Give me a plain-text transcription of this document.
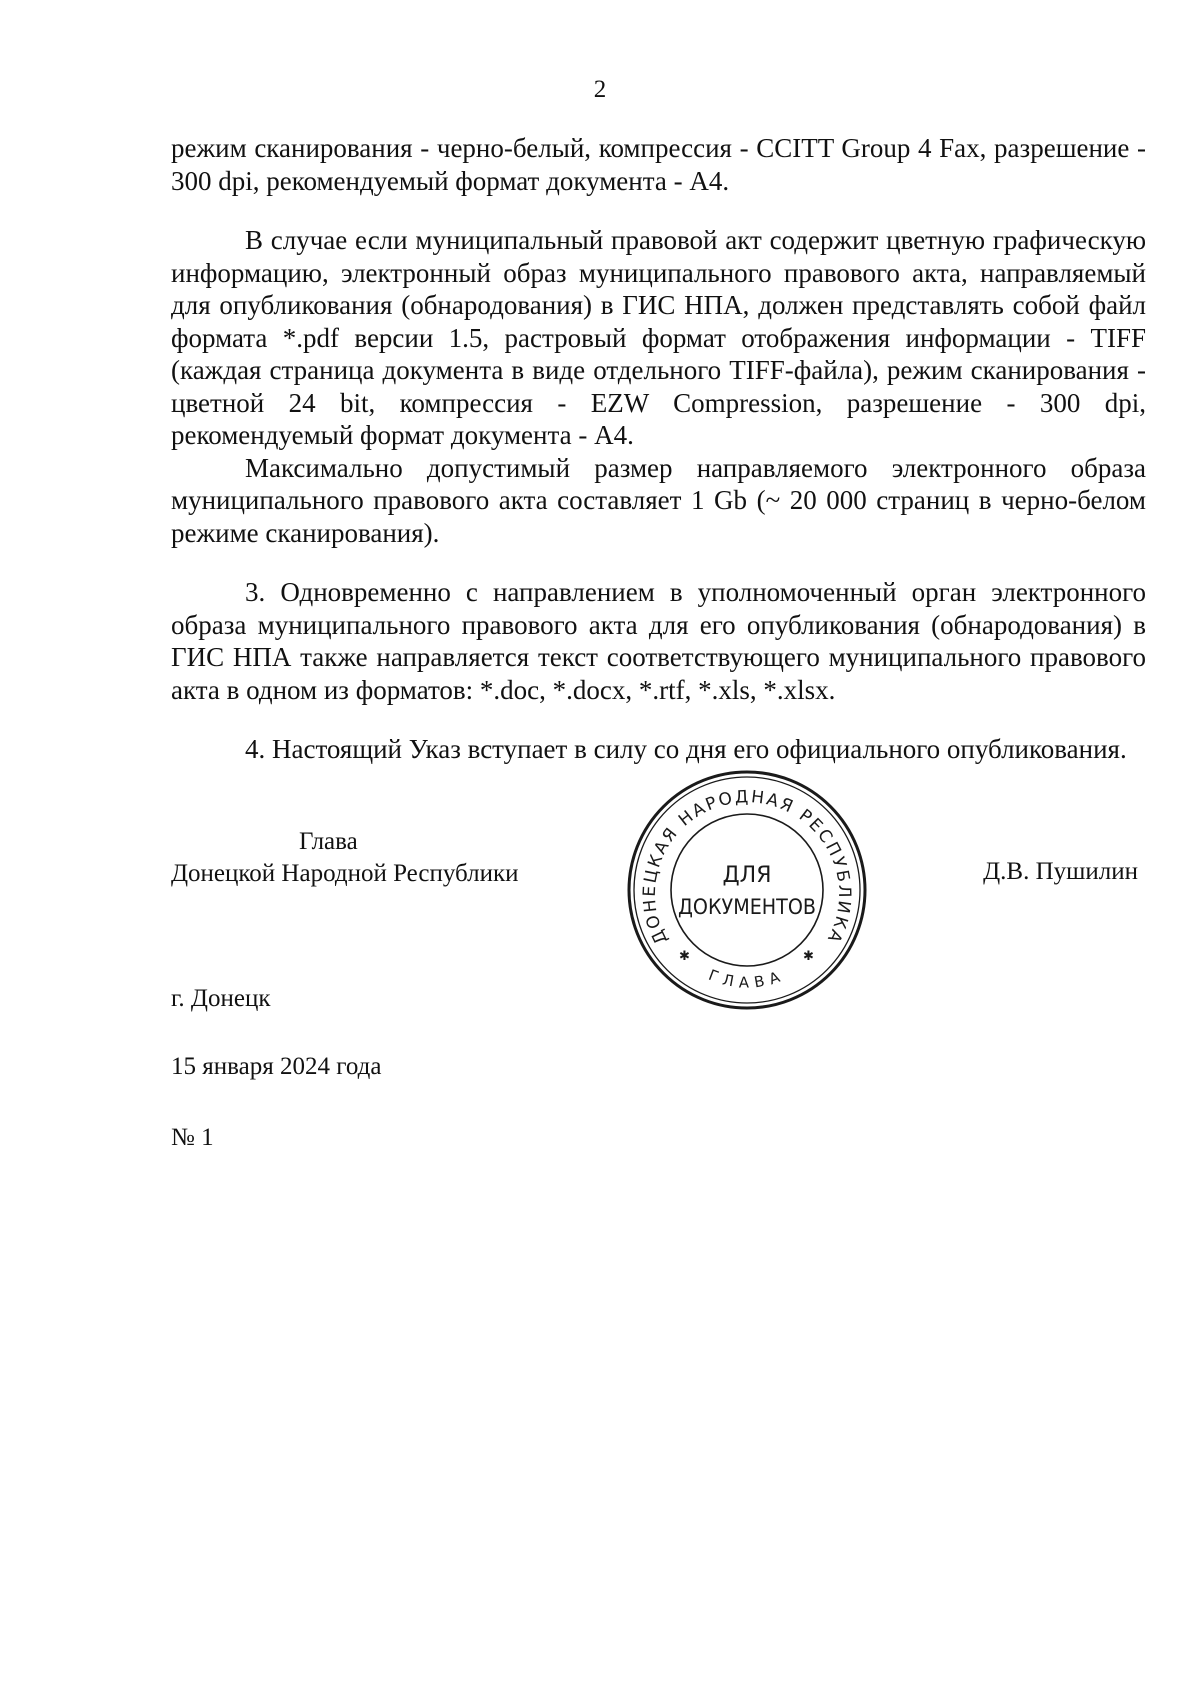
2

режим сканирования - черно-белый, компрессия - CCITT Group 4 Fax, разрешение - 300 dpi, рекомендуемый формат документа - А4.

В случае если муниципальный правовой акт содержит цветную графическую информацию, электронный образ муниципального правового акта, направляемый для опубликования (обнародования) в ГИС НПА, должен представлять собой файл формата *.pdf версии 1.5, растровый формат отображения информации - TIFF (каждая страница документа в виде отдельного TIFF-файла), режим сканирования - цветной 24 bit, компрессия - EZW Compression, разрешение - 300 dpi, рекомендуемый формат документа - А4.

Максимально допустимый размер направляемого электронного образа муниципального правового акта составляет 1 Gb (~ 20 000 страниц в черно-белом режиме сканирования).

3. Одновременно с направлением в уполномоченный орган электронного образа муниципального правового акта для его опубликования (обнародования) в ГИС НПА также направляется текст соответствующего муниципального правового акта в одном из форматов: *.doc, *.docx, *.rtf, *.xls, *.xlsx.

4. Настоящий Указ вступает в силу со дня его официального опубликования.

Глава
Донецкой Народной Республики
ДОНЕЦКАЯ НАРОДНАЯ РЕСПУБЛИКА
ГЛАВА
✱	✱
ДЛЯ
ДОКУМЕНТОВ
Д.В. Пушилин
г. Донецк
15 января 2024 года
№ 1
